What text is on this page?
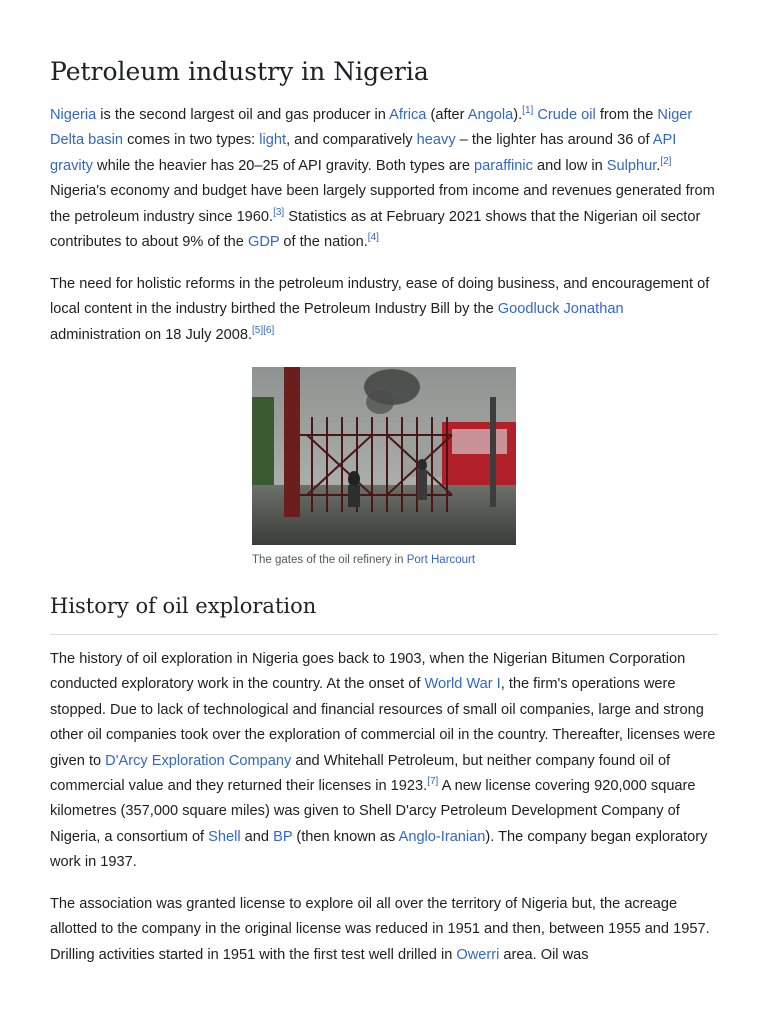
Petroleum industry in Nigeria

Nigeria is the second largest oil and gas producer in Africa (after Angola).[1] Crude oil from the Niger Delta basin comes in two types: light, and comparatively heavy – the lighter has around 36 of API gravity while the heavier has 20–25 of API gravity. Both types are paraffinic and low in Sulphur.[2] Nigeria's economy and budget have been largely supported from income and revenues generated from the petroleum industry since 1960.[3] Statistics as at February 2021 shows that the Nigerian oil sector contributes to about 9% of the GDP of the nation.[4]

The need for holistic reforms in the petroleum industry, ease of doing business, and encouragement of local content in the industry birthed the Petroleum Industry Bill by the Goodluck Jonathan administration on 18 July 2008.[5][6]

The gates of the oil refinery in Port Harcourt
History of oil exploration

The history of oil exploration in Nigeria goes back to 1903, when the Nigerian Bitumen Corporation conducted exploratory work in the country. At the onset of World War I, the firm's operations were stopped. Due to lack of technological and financial resources of small oil companies, large and strong other oil companies took over the exploration of commercial oil in the country. Thereafter, licenses were given to D'Arcy Exploration Company and Whitehall Petroleum, but neither company found oil of commercial value and they returned their licenses in 1923.[7] A new license covering 920,000 square kilometres (357,000 square miles) was given to Shell D'arcy Petroleum Development Company of Nigeria, a consortium of Shell and BP (then known as Anglo-Iranian). The company began exploratory work in 1937.

The association was granted license to explore oil all over the territory of Nigeria but, the acreage allotted to the company in the original license was reduced in 1951 and then, between 1955 and 1957. Drilling activities started in 1951 with the first test well drilled in Owerri area. Oil was
